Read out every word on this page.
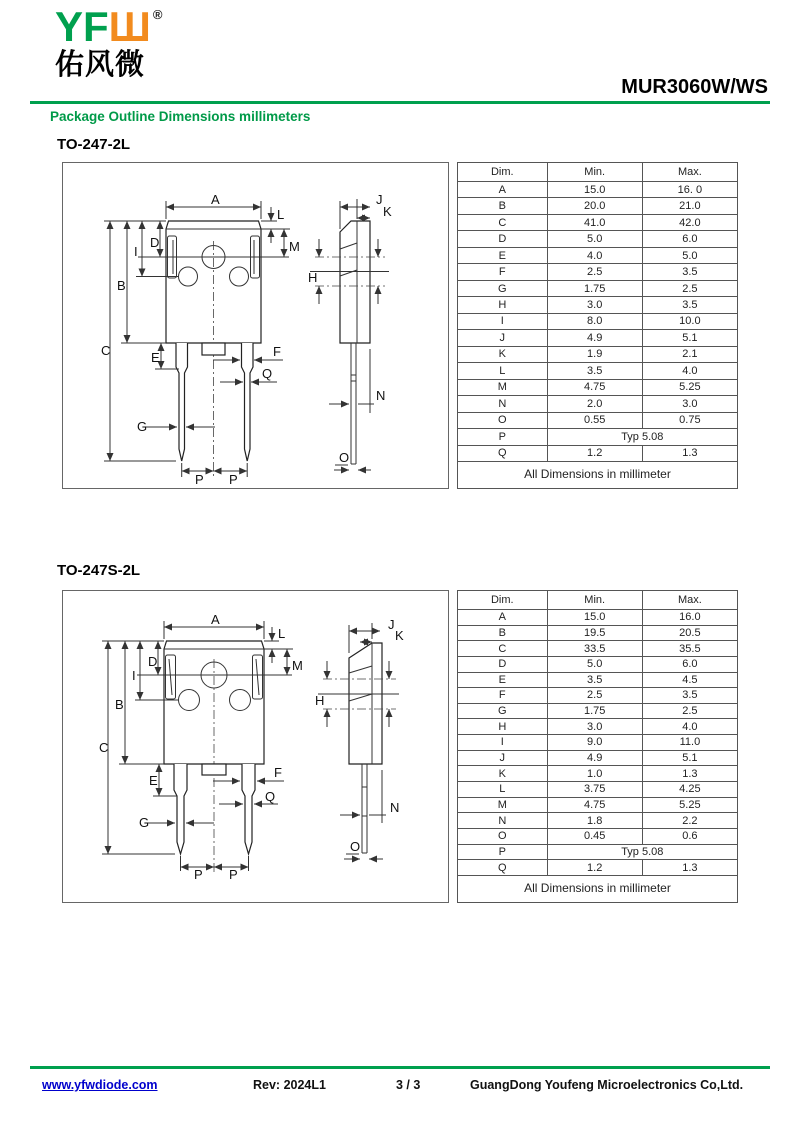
YFШ ®
佑风微
MUR3060W/WS
Package Outline Dimensions millimeters
TO-247-2L
A
L
D
I	M
B
C	E	F
Q
G
P P
J
K
H
N
O
Dim.	Min.	Max.
A	15.0	16. 0
B	20.0	21.0
C	41.0	42.0
D	5.0	6.0
E	4.0	5.0
F	2.5	3.5
G	1.75	2.5
H	3.0	3.5
I	8.0	10.0
J	4.9	5.1
K	1.9	2.1
L	3.5	4.0
M	4.75	5.25
N	2.0	3.0
O	0.55	0.75
P	Typ 5.08	
Q	1.2	1.3
All Dimensions in millimeter		
TO-247S-2L
A
L
D
I
M
B
C
E
F
Q
G
P P
J
K
H
N
O
Dim.	Min.	Max.
A	15.0	16.0
B	19.5	20.5
C	33.5	35.5
D	5.0	6.0
E	3.5	4.5
F	2.5	3.5
G	1.75	2.5
H	3.0	4.0
I	9.0	11.0
J	4.9	5.1
K	1.0	1.3
L	3.75	4.25
M	4.75	5.25
N	1.8	2.2
O	0.45	0.6
P	Typ 5.08	
Q	1.2	1.3
All Dimensions in millimeter		
www.yfwdiode.com	Rev: 2024L1	3 / 3	GuangDong Youfeng Microelectronics Co,Ltd.
